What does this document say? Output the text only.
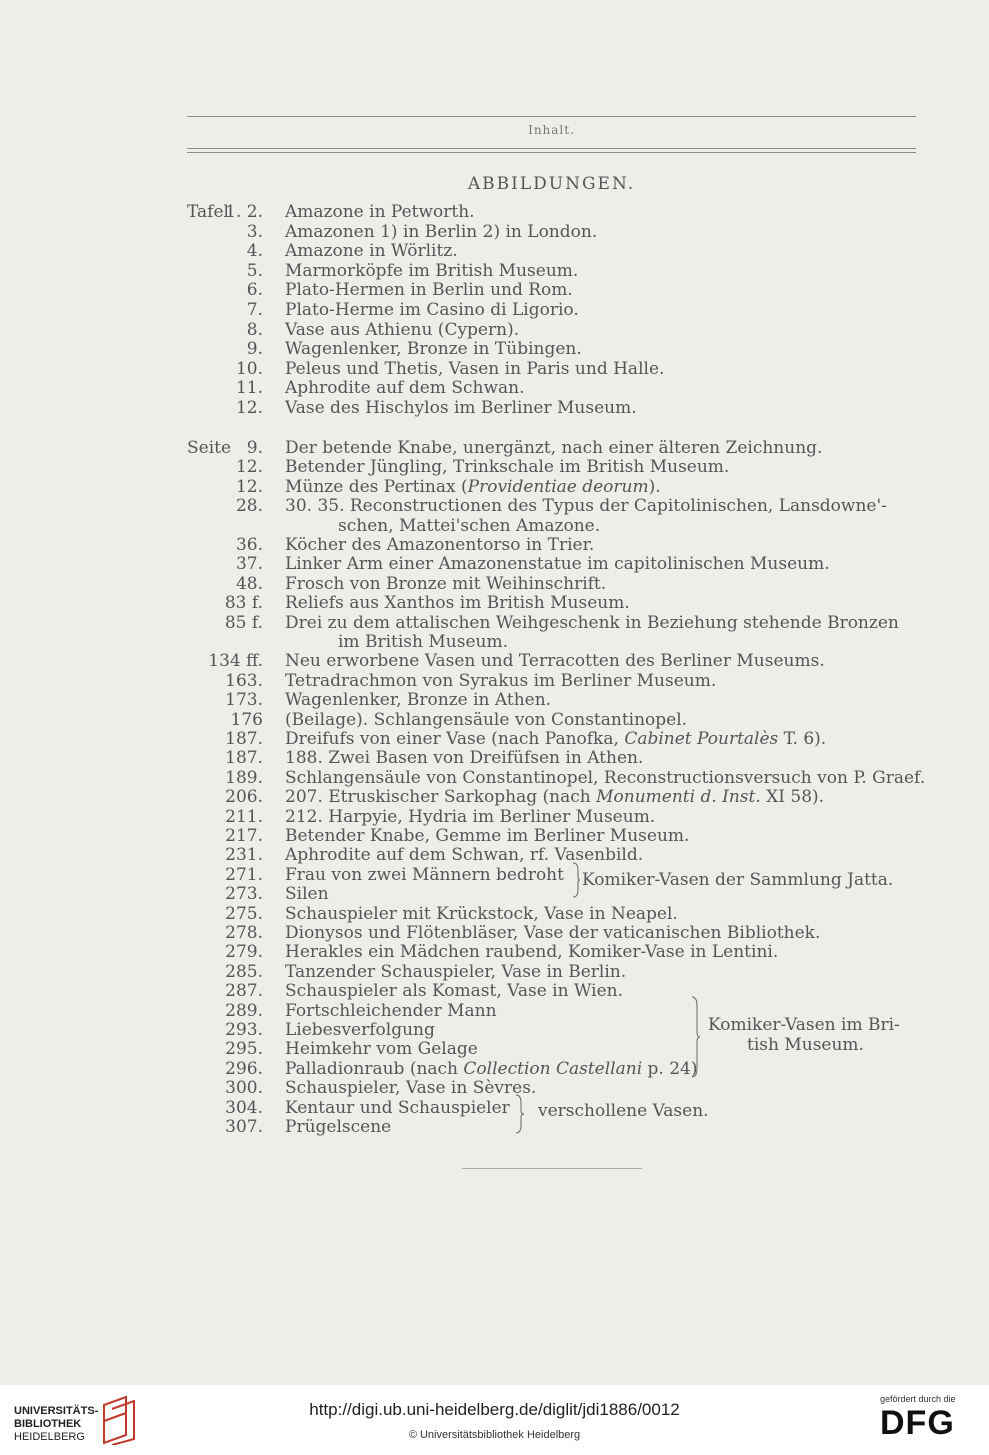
Inhalt.
ABBILDUNGEN.
Tafel
1. 2. Amazone in Petworth.
3. Amazonen 1) in Berlin 2) in London.
4. Amazone in Wörlitz.
5. Marmorköpfe im British Museum.
6. Plato-Hermen in Berlin und Rom.
7. Plato-Herme im Casino di Ligorio.
8. Vase aus Athienu (Cypern).
9. Wagenlenker, Bronze in Tübingen.
10. Peleus und Thetis, Vasen in Paris und Halle.
11. Aphrodite auf dem Schwan.
12. Vase des Hischylos im Berliner Museum.
Seite 9. Der betende Knabe, unergänzt, nach einer älteren Zeichnung.
12. Betender Jüngling, Trinkschale im British Museum.
12. Münze des Pertinax (Providentiae deorum).
28. 30. 35. Reconstructionen des Typus der Capitolinischen, Lansdowne'-
schen, Mattei'schen Amazone.
36. Köcher des Amazonentorso in Trier.
37. Linker Arm einer Amazonenstatue im capitolinischen Museum.
48. Frosch von Bronze mit Weihinschrift.
83 f. Reliefs aus Xanthos im British Museum.
85 f. Drei zu dem attalischen Weihgeschenk in Beziehung stehende Bronzen
im British Museum.
134 ff. Neu erworbene Vasen und Terracotten des Berliner Museums.
163. Tetradrachmon von Syrakus im Berliner Museum.
173. Wagenlenker, Bronze in Athen.
176 (Beilage). Schlangensäule von Constantinopel.
187. Dreifufs von einer Vase (nach Panofka, Cabinet Pourtalès T. 6).
187. 188. Zwei Basen von Dreifüfsen in Athen.
189. Schlangensäule von Constantinopel, Reconstructionsversuch von P. Graef.
206. 207. Etruskischer Sarkophag (nach Monumenti d. Inst. XI 58).
211. 212. Harpyie, Hydria im Berliner Museum.
217. Betender Knabe, Gemme im Berliner Museum.
231. Aphrodite auf dem Schwan, rf. Vasenbild.
271. Frau von zwei Männern bedroht
273. Silen
275. Schauspieler mit Krückstock, Vase in Neapel.
278. Dionysos und Flötenbläser, Vase der vaticanischen Bibliothek.
279. Herakles ein Mädchen raubend, Komiker-Vase in Lentini.
285. Tanzender Schauspieler, Vase in Berlin.
287. Schauspieler als Komast, Vase in Wien.
289. Fortschleichender Mann
293. Liebesverfolgung
295. Heimkehr vom Gelage
296. Palladionraub (nach Collection Castellani p. 24)
300. Schauspieler, Vase in Sèvres.
304. Kentaur und Schauspieler
307. Prügelscene
Komiker-Vasen der Sammlung Jatta.
Komiker-Vasen im Bri-
tish Museum.
verschollene Vasen.
UNIVERSITÄTS-
BIBLIOTHEK
HEIDELBERG
http://digi.ub.uni-heidelberg.de/diglit/jdi1886/0012
© Universitätsbibliothek Heidelberg
gefördert durch die
DFG
